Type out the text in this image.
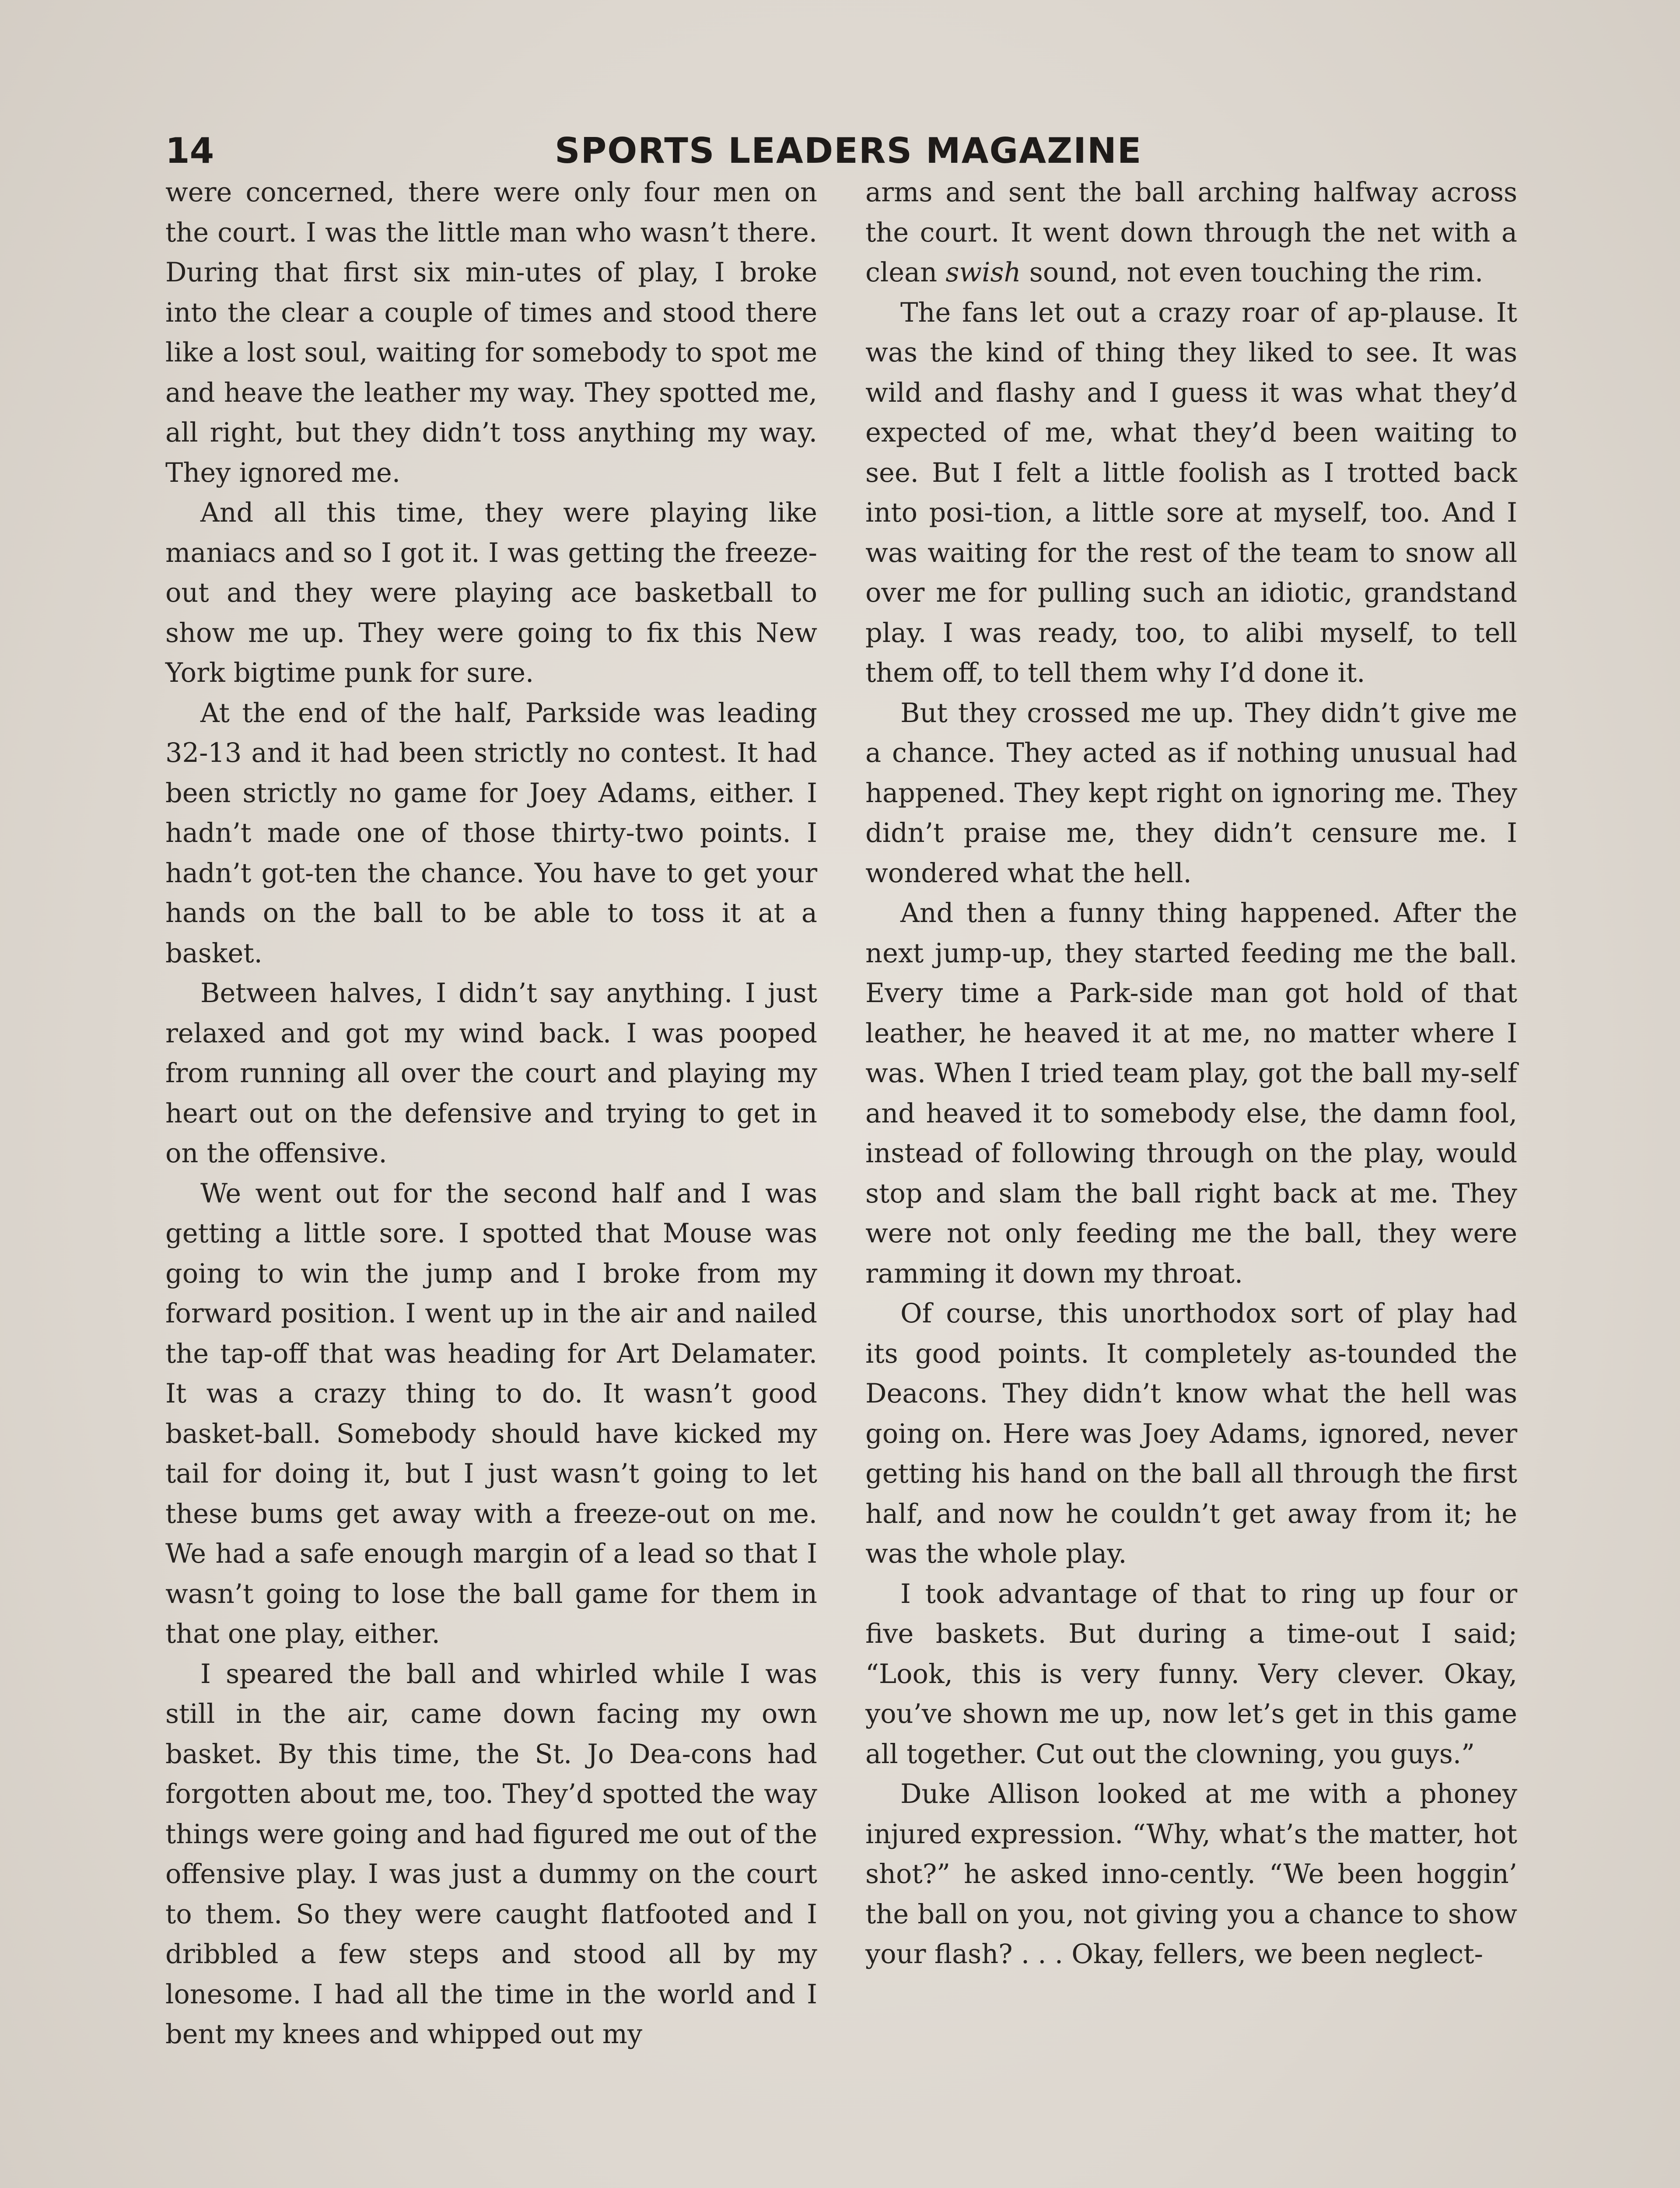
14	SPORTS LEADERS MAGAZINE

were concerned, there were only four men on the court. I was the little man who wasn’t there. During that first six min-utes of play, I broke into the clear a couple of times and stood there like a lost soul, waiting for somebody to spot me and heave the leather my way. They spotted me, all right, but they didn’t toss anything my way. They ignored me.

And all this time, they were playing like maniacs and so I got it. I was getting the freeze-out and they were playing ace basketball to show me up. They were going to fix this New York bigtime punk for sure.

At the end of the half, Parkside was leading 32-13 and it had been strictly no contest. It had been strictly no game for Joey Adams, either. I hadn’t made one of those thirty-two points. I hadn’t got-ten the chance. You have to get your hands on the ball to be able to toss it at a basket.

Between halves, I didn’t say anything. I just relaxed and got my wind back. I was pooped from running all over the court and playing my heart out on the defensive and trying to get in on the offensive.

We went out for the second half and I was getting a little sore. I spotted that Mouse was going to win the jump and I broke from my forward position. I went up in the air and nailed the tap-off that was heading for Art Delamater. It was a crazy thing to do. It wasn’t good basket-ball. Somebody should have kicked my tail for doing it, but I just wasn’t going to let these bums get away with a freeze-out on me. We had a safe enough margin of a lead so that I wasn’t going to lose the ball game for them in that one play, either.

I speared the ball and whirled while I was still in the air, came down facing my own basket. By this time, the St. Jo Dea-cons had forgotten about me, too. They’d spotted the way things were going and had figured me out of the offensive play. I was just a dummy on the court to them. So they were caught flatfooted and I dribbled a few steps and stood all by my lonesome. I had all the time in the world and I bent my knees and whipped out my

arms and sent the ball arching halfway across the court. It went down through the net with a clean swish sound, not even touching the rim.

The fans let out a crazy roar of ap-plause. It was the kind of thing they liked to see. It was wild and flashy and I guess it was what they’d expected of me, what they’d been waiting to see. But I felt a little foolish as I trotted back into posi-tion, a little sore at myself, too. And I was waiting for the rest of the team to snow all over me for pulling such an idiotic, grandstand play. I was ready, too, to alibi myself, to tell them off, to tell them why I’d done it.

But they crossed me up. They didn’t give me a chance. They acted as if nothing unusual had happened. They kept right on ignoring me. They didn’t praise me, they didn’t censure me. I wondered what the hell.

And then a funny thing happened. After the next jump-up, they started feeding me the ball. Every time a Park-side man got hold of that leather, he heaved it at me, no matter where I was. When I tried team play, got the ball my-self and heaved it to somebody else, the damn fool, instead of following through on the play, would stop and slam the ball right back at me. They were not only feeding me the ball, they were ramming it down my throat.

Of course, this unorthodox sort of play had its good points. It completely as-tounded the Deacons. They didn’t know what the hell was going on. Here was Joey Adams, ignored, never getting his hand on the ball all through the first half, and now he couldn’t get away from it; he was the whole play.

I took advantage of that to ring up four or five baskets. But during a time-out I said; “Look, this is very funny. Very clever. Okay, you’ve shown me up, now let’s get in this game all together. Cut out the clowning, you guys.”

Duke Allison looked at me with a phoney injured expression. “Why, what’s the matter, hot shot?” he asked inno-cently. “We been hoggin’ the ball on you, not giving you a chance to show your flash? . . . Okay, fellers, we been neglect-
